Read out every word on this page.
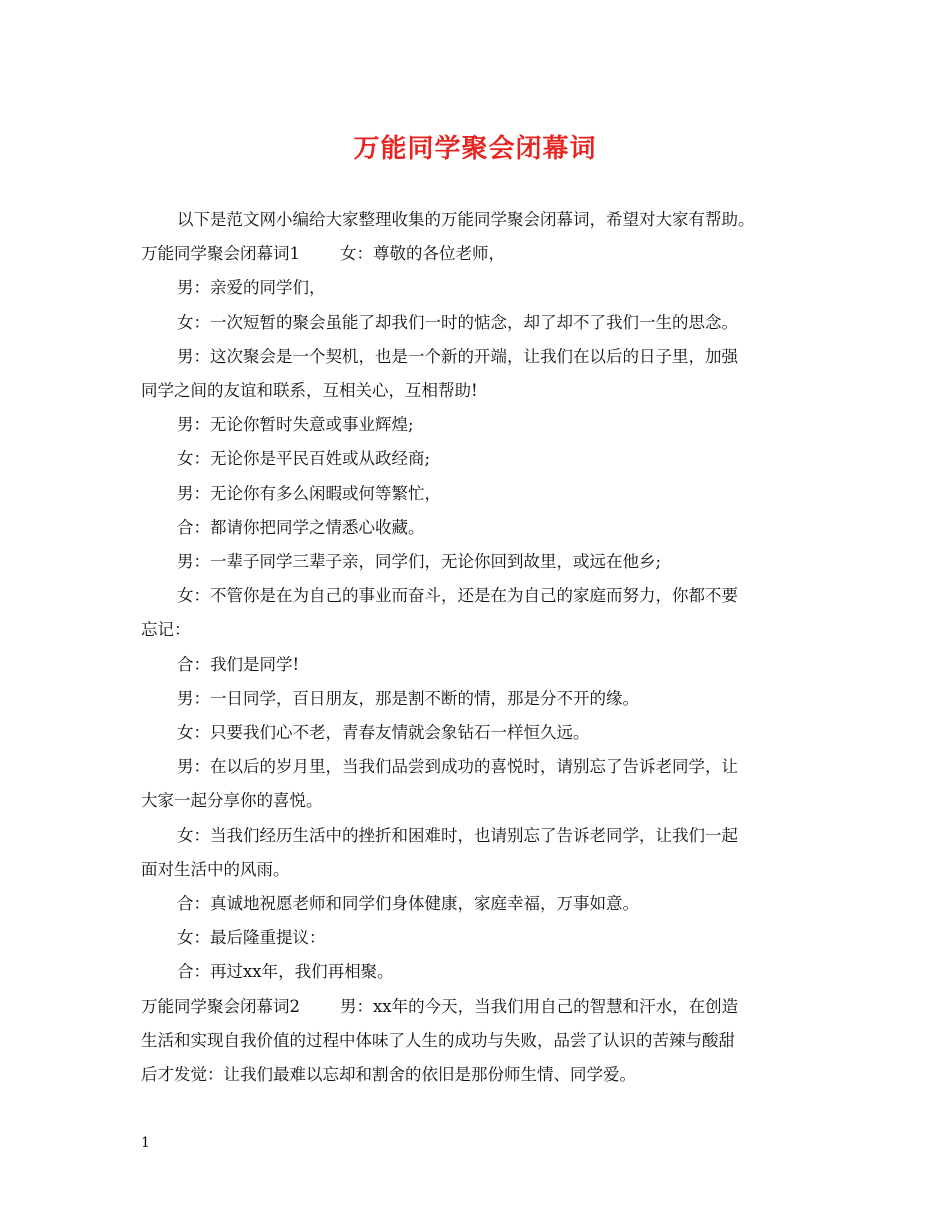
万能同学聚会闭幕词

以下是范文网小编给大家整理收集的万能同学聚会闭幕词，希望对大家有帮助。

万能同学聚会闭幕词1 女：尊敬的各位老师，

男：亲爱的同学们，

女：一次短暂的聚会虽能了却我们一时的惦念，却了却不了我们一生的思念。

男：这次聚会是一个契机，也是一个新的开端，让我们在以后的日子里，加强

同学之间的友谊和联系，互相关心，互相帮助!

男：无论你暂时失意或事业辉煌;

女：无论你是平民百姓或从政经商;

男：无论你有多么闲暇或何等繁忙，

合：都请你把同学之情悉心收藏。

男：一辈子同学三辈子亲，同学们，无论你回到故里，或远在他乡;

女：不管你是在为自己的事业而奋斗，还是在为自己的家庭而努力，你都不要

忘记：

合：我们是同学!

男：一日同学，百日朋友，那是割不断的情，那是分不开的缘。

女：只要我们心不老，青春友情就会象钻石一样恒久远。

男：在以后的岁月里，当我们品尝到成功的喜悦时，请别忘了告诉老同学，让

大家一起分享你的喜悦。

女：当我们经历生活中的挫折和困难时，也请别忘了告诉老同学，让我们一起

面对生活中的风雨。

合：真诚地祝愿老师和同学们身体健康，家庭幸福，万事如意。

女：最后隆重提议：

合：再过xx年，我们再相聚。

万能同学聚会闭幕词2 男：xx年的今天，当我们用自己的智慧和汗水，在创造

生活和实现自我价值的过程中体味了人生的成功与失败，品尝了认识的苦辣与酸甜

后才发觉：让我们最难以忘却和割舍的依旧是那份师生情、同学爱。

1
